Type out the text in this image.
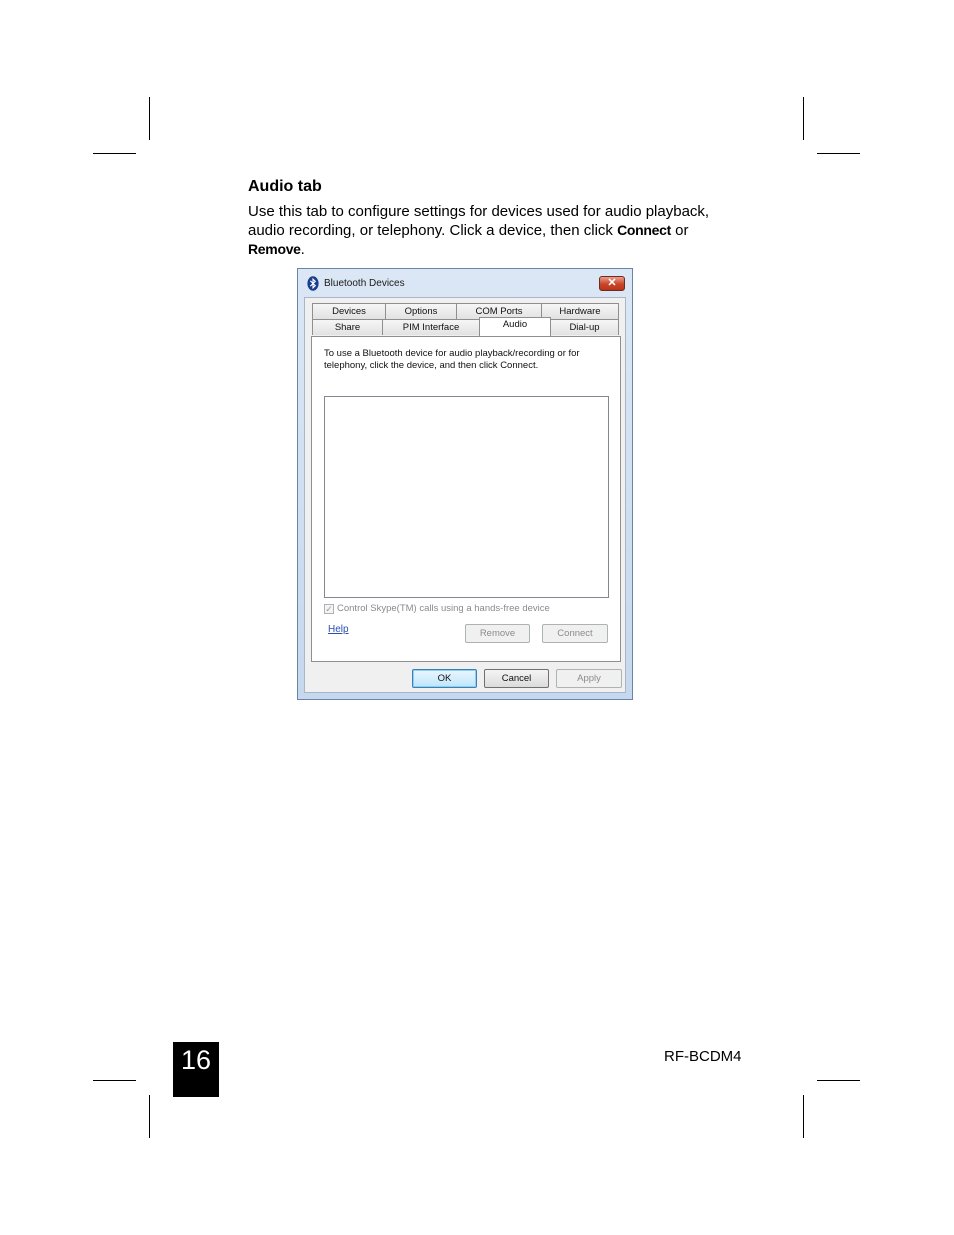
Audio tab
Use this tab to configure settings for devices used for audio playback, audio recording, or telephony. Click a device, then click Connect or
Remove.
Bluetooth Devices	✕
Devices	Options	COM Ports	Hardware
Share	PIM Interface	Audio	Dial-up
To use a Bluetooth device for audio playback/recording or for telephony, click the device, and then click Connect.
✓ Control Skype(TM) calls using a hands-free device
Help	Remove	Connect
OK	Cancel	Apply
16	RF-BCDM4
